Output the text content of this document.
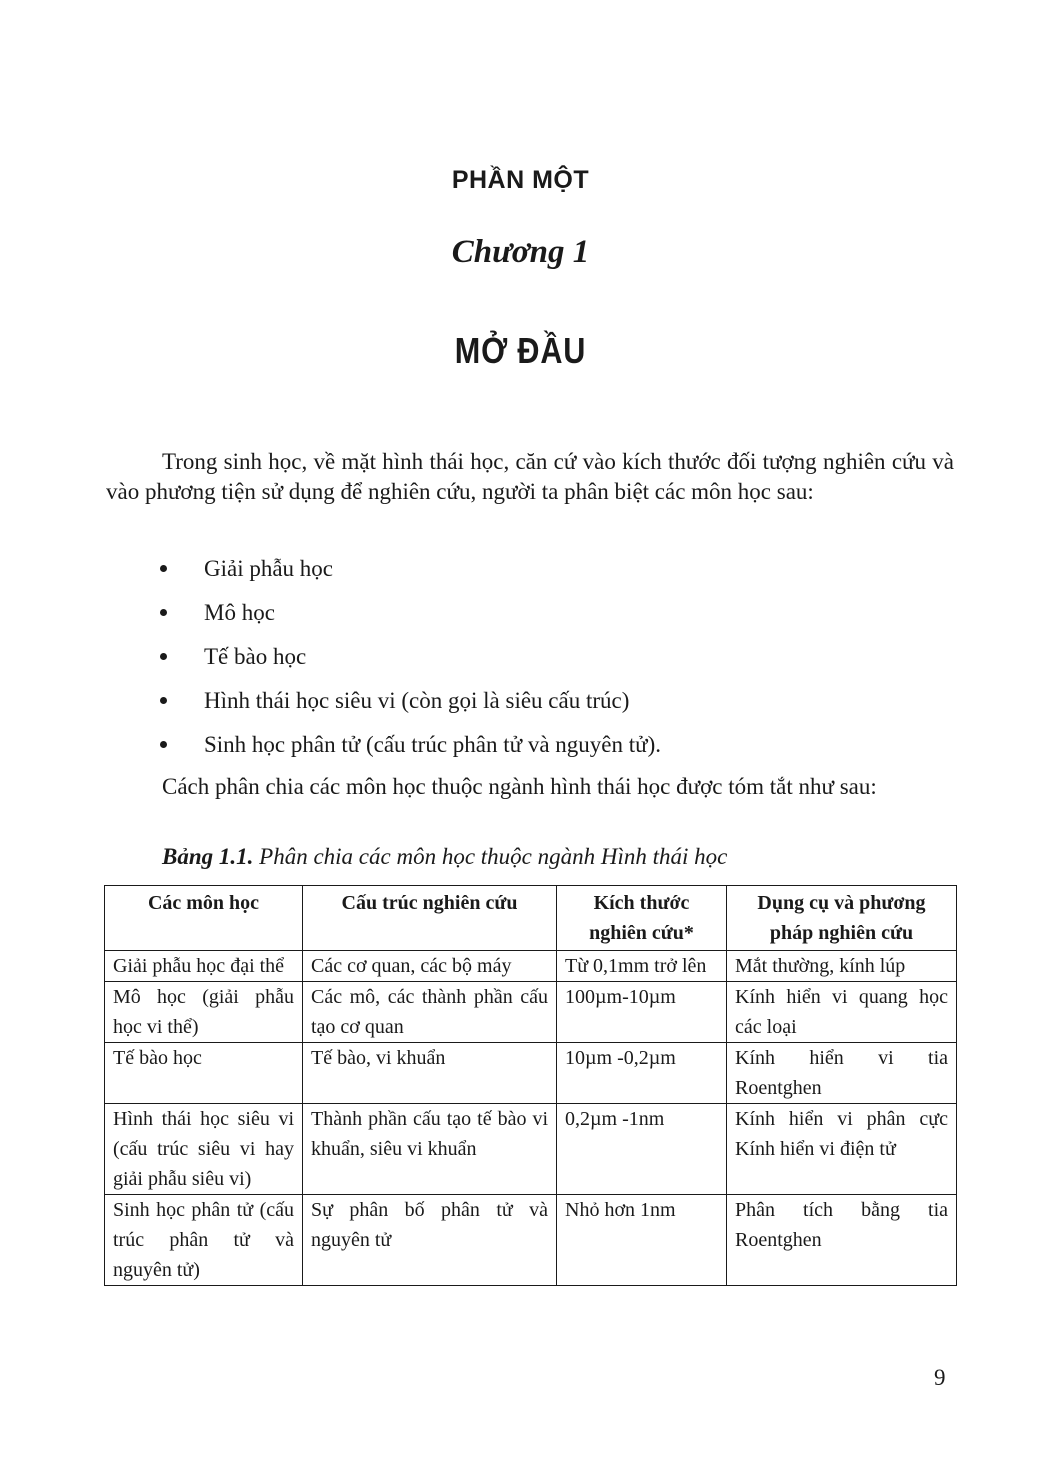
PHẦN MỘT
Chương 1
MỞ ĐẦU

Trong sinh học, về mặt hình thái học, căn cứ vào kích thước đối tượng nghiên cứu và vào phương tiện sử dụng để nghiên cứu, người ta phân biệt các môn học sau:

Giải phẫu học
Mô học
Tế bào học
Hình thái học siêu vi (còn gọi là siêu cấu trúc)
Sinh học phân tử (cấu trúc phân tử và nguyên tử).

Cách phân chia các môn học thuộc ngành hình thái học được tóm tắt như sau:

Bảng 1.1. Phân chia các môn học thuộc ngành Hình thái học
Các môn học	Cấu trúc nghiên cứu	Kích thước nghiên cứu*	Dụng cụ và phương pháp nghiên cứu
Giải phẫu học đại thể	Các cơ quan, các bộ máy	Từ 0,1mm trở lên	Mắt thường, kính lúp
Mô học (giải phẫu học vi thể)	Các mô, các thành phần cấu tạo cơ quan	100µm-10µm	Kính hiển vi quang học các loại
Tế bào học	Tế bào, vi khuẩn	10µm -0,2µm	Kính hiển vi tia Roentghen
Hình thái học siêu vi (cấu trúc siêu vi hay giải phẫu siêu vi)	Thành phần cấu tạo tế bào vi khuẩn, siêu vi khuẩn	0,2µm -1nm	Kính hiển vi phân cực Kính hiển vi điện tử
Sinh học phân tử (cấu trúc phân tử và nguyên tử)	Sự phân bố phân tử và nguyên tử	Nhỏ hơn 1nm	Phân tích bằng tia Roentghen
9
